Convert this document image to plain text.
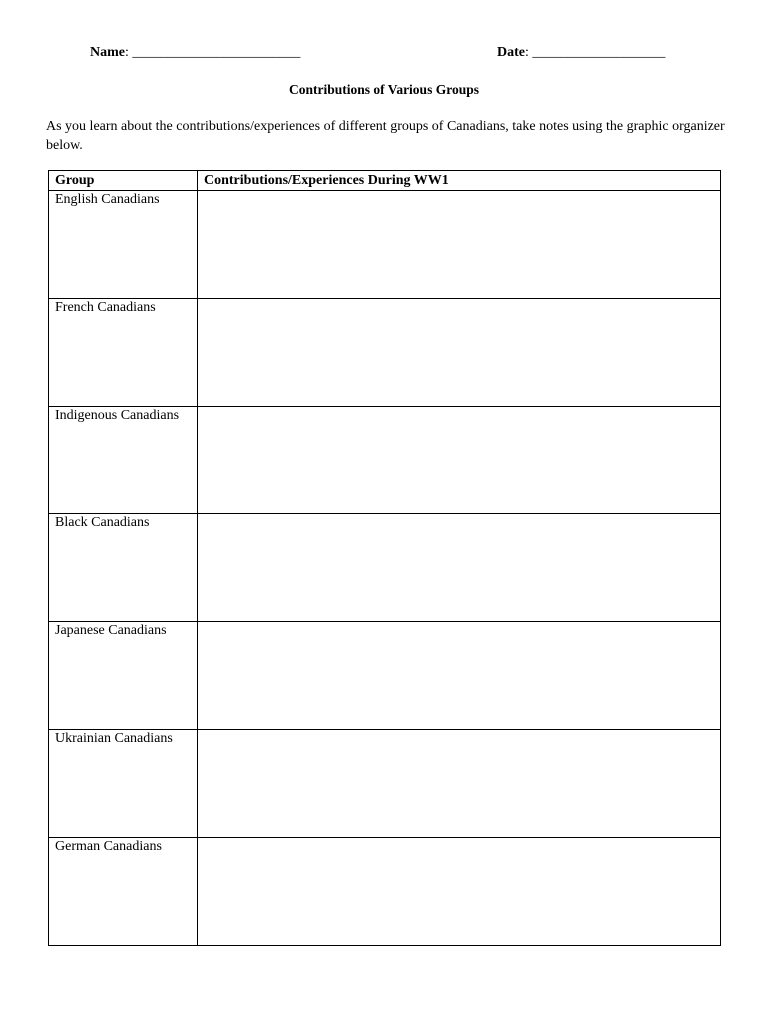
Name: ________________________	Date: ___________________
Contributions of Various Groups
As you learn about the contributions/experiences of different groups of Canadians, take notes using the graphic organizer below.
Group	Contributions/Experiences During WW1
English Canadians	
French Canadians	
Indigenous Canadians	
Black Canadians	
Japanese Canadians	
Ukrainian Canadians	
German Canadians	
